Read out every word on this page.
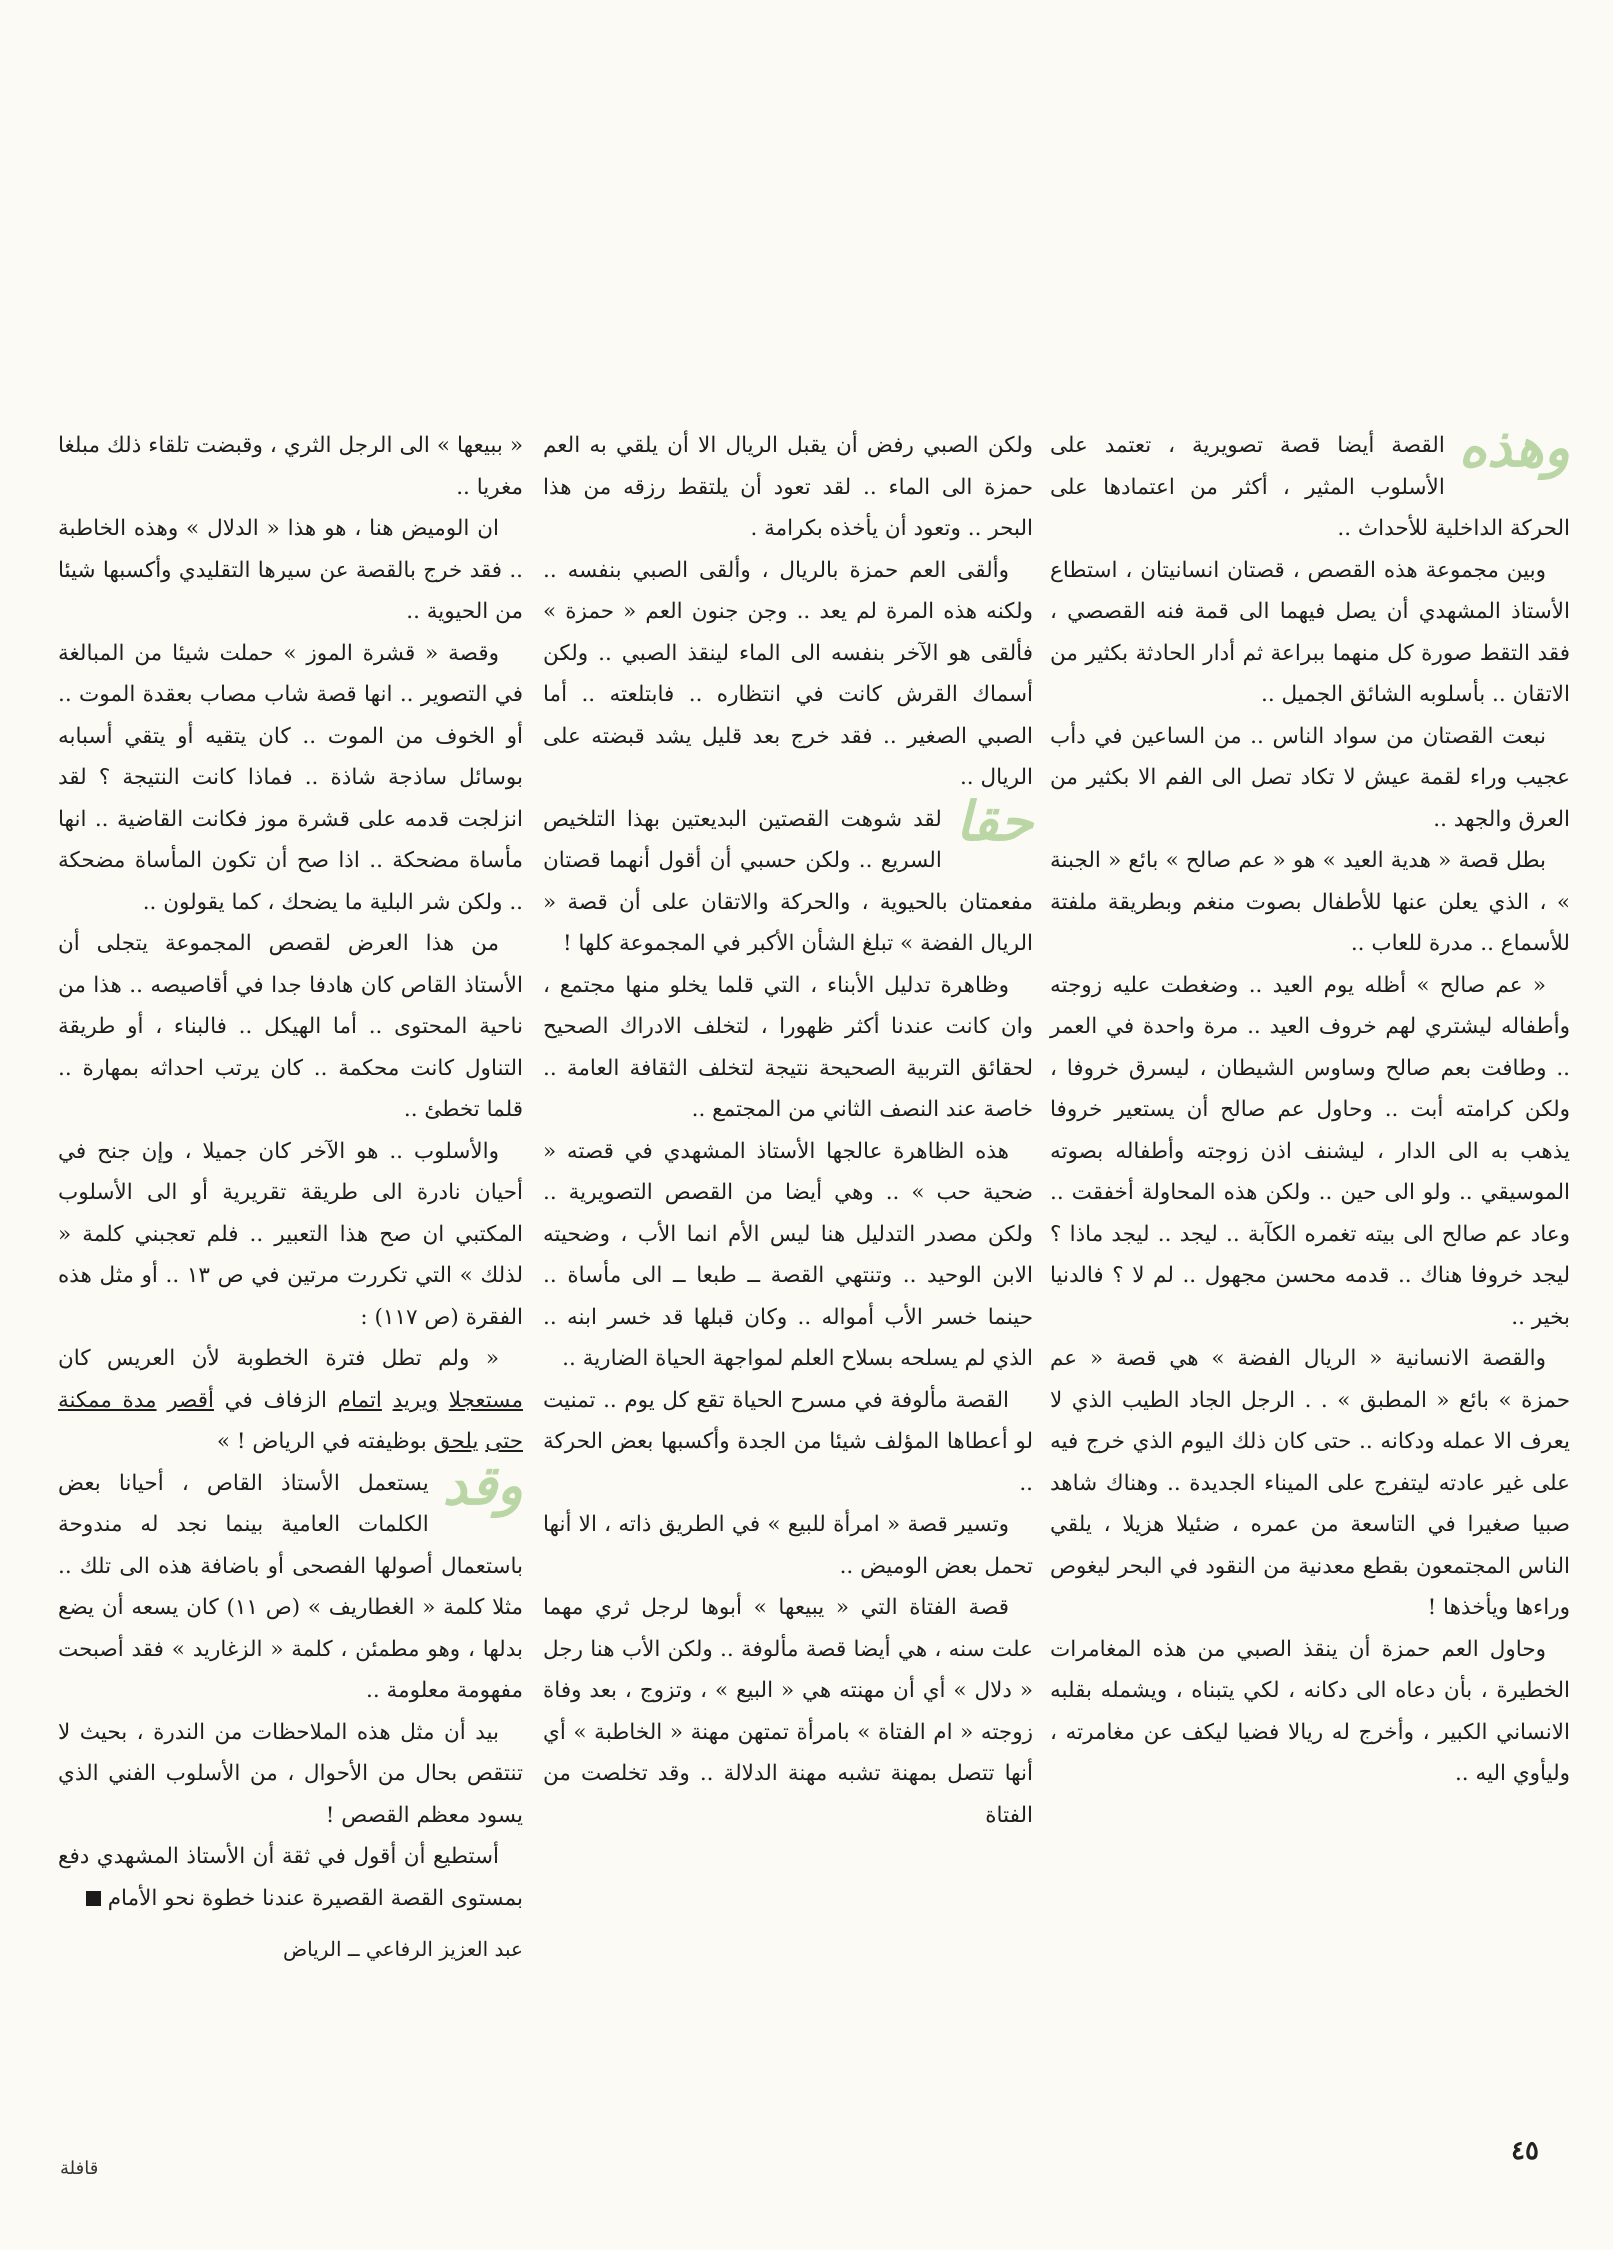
وهذه

القصة أيضا قصة تصويرية ، تعتمد على الأسلوب المثير ، أكثر من اعتمادها على الحركة الداخلية للأحداث ..

وبين مجموعة هذه القصص ، قصتان انسانيتان ، استطاع الأستاذ المشهدي أن يصل فيهما الى قمة فنه القصصي ، فقد التقط صورة كل منهما ببراعة ثم أدار الحادثة بكثير من الاتقان .. بأسلوبه الشائق الجميل ..

نبعت القصتان من سواد الناس .. من الساعين في دأب عجيب وراء لقمة عيش لا تكاد تصل الى الفم الا بكثير من العرق والجهد ..

بطل قصة « هدية العيد » هو « عم صالح » بائع « الجبنة » ، الذي يعلن عنها للأطفال بصوت منغم وبطريقة ملفتة للأسماع .. مدرة للعاب ..

« عم صالح » أظله يوم العيد .. وضغطت عليه زوجته وأطفاله ليشتري لهم خروف العيد .. مرة واحدة في العمر .. وطافت بعم صالح وساوس الشيطان ، ليسرق خروفا ، ولكن كرامته أبت .. وحاول عم صالح أن يستعير خروفا يذهب به الى الدار ، ليشنف اذن زوجته وأطفاله بصوته الموسيقي .. ولو الى حين .. ولكن هذه المحاولة أخفقت .. وعاد عم صالح الى بيته تغمره الكآبة .. ليجد .. ليجد ماذا ؟ ليجد خروفا هناك .. قدمه محسن مجهول .. لم لا ؟ فالدنيا بخير ..

والقصة الانسانية « الريال الفضة » هي قصة « عم حمزة » بائع « المطبق » . . الرجل الجاد الطيب الذي لا يعرف الا عمله ودكانه .. حتى كان ذلك اليوم الذي خرج فيه على غير عادته ليتفرج على الميناء الجديدة .. وهناك شاهد صبيا صغيرا في التاسعة من عمره ، ضئيلا هزيلا ، يلقي الناس المجتمعون بقطع معدنية من النقود في البحر ليغوص وراءها ويأخذها !

وحاول العم حمزة أن ينقذ الصبي من هذه المغامرات الخطيرة ، بأن دعاه الى دكانه ، لكي يتبناه ، ويشمله بقلبه الانساني الكبير ، وأخرج له ريالا فضيا ليكف عن مغامرته ، وليأوي اليه ..

ولكن الصبي رفض أن يقبل الريال الا أن يلقي به العم حمزة الى الماء .. لقد تعود أن يلتقط رزقه من هذا البحر .. وتعود أن يأخذه بكرامة .

وألقى العم حمزة بالريال ، وألقى الصبي بنفسه .. ولكنه هذه المرة لم يعد .. وجن جنون العم « حمزة » فألقى هو الآخر بنفسه الى الماء لينقذ الصبي .. ولكن أسماك القرش كانت في انتظاره .. فابتلعته .. أما الصبي الصغير .. فقد خرج بعد قليل يشد قبضته على الريال ..

حقا

لقد شوهت القصتين البديعتين بهذا التلخيص السريع .. ولكن حسبي أن أقول أنهما قصتان مفعمتان بالحيوية ، والحركة والاتقان على أن قصة « الريال الفضة » تبلغ الشأن الأكبر في المجموعة كلها !

وظاهرة تدليل الأبناء ، التي قلما يخلو منها مجتمع ، وان كانت عندنا أكثر ظهورا ، لتخلف الادراك الصحيح لحقائق التربية الصحيحة نتيجة لتخلف الثقافة العامة .. خاصة عند النصف الثاني من المجتمع ..

هذه الظاهرة عالجها الأستاذ المشهدي في قصته « ضحية حب » .. وهي أيضا من القصص التصويرية .. ولكن مصدر التدليل هنا ليس الأم انما الأب ، وضحيته الابن الوحيد .. وتنتهي القصة ــ طبعا ــ الى مأساة .. حينما خسر الأب أمواله .. وكان قبلها قد خسر ابنه .. الذي لم يسلحه بسلاح العلم لمواجهة الحياة الضارية ..

القصة مألوفة في مسرح الحياة تقع كل يوم .. تمنيت لو أعطاها المؤلف شيئا من الجدة وأكسبها بعض الحركة ..

وتسير قصة « امرأة للبيع » في الطريق ذاته ، الا أنها تحمل بعض الوميض ..

قصة الفتاة التي « يبيعها » أبوها لرجل ثري مهما علت سنه ، هي أيضا قصة مألوفة .. ولكن الأب هنا رجل « دلال » أي أن مهنته هي « البيع » ، وتزوج ، بعد وفاة زوجته « ام الفتاة » بامرأة تمتهن مهنة « الخاطبة » أي أنها تتصل بمهنة تشبه مهنة الدلالة .. وقد تخلصت من الفتاة

« ببيعها » الى الرجل الثري ، وقبضت تلقاء ذلك مبلغا مغريا ..

ان الوميض هنا ، هو هذا « الدلال » وهذه الخاطبة .. فقد خرج بالقصة عن سيرها التقليدي وأكسبها شيئا من الحيوية ..

وقصة « قشرة الموز » حملت شيئا من المبالغة في التصوير .. انها قصة شاب مصاب بعقدة الموت .. أو الخوف من الموت .. كان يتقيه أو يتقي أسبابه بوسائل ساذجة شاذة .. فماذا كانت النتيجة ؟ لقد انزلجت قدمه على قشرة موز فكانت القاضية .. انها مأساة مضحكة .. اذا صح أن تكون المأساة مضحكة .. ولكن شر البلية ما يضحك ، كما يقولون ..

من هذا العرض لقصص المجموعة يتجلى أن الأستاذ القاص كان هادفا جدا في أقاصيصه .. هذا من ناحية المحتوى .. أما الهيكل .. فالبناء ، أو طريقة التناول كانت محكمة .. كان يرتب احداثه بمهارة .. قلما تخطئ ..

والأسلوب .. هو الآخر كان جميلا ، وإن جنح في أحيان نادرة الى طريقة تقريرية أو الى الأسلوب المكتبي ان صح هذا التعبير .. فلم تعجبني كلمة « لذلك » التي تكررت مرتين في ص ١٣ .. أو مثل هذه الفقرة (ص ١١٧) :

« ولم تطل فترة الخطوبة لأن العريس كان مستعجلا ويريد اتمام الزفاف في أقصر مدة ممكنة حتى يلحق بوظيفته في الرياض ! »

وقد

يستعمل الأستاذ القاص ، أحيانا بعض الكلمات العامية بينما نجد له مندوحة باستعمال أصولها الفصحى أو باضافة هذه الى تلك .. مثلا كلمة « الغطاريف » (ص ١١) كان يسعه أن يضع بدلها ، وهو مطمئن ، كلمة « الزغاريد » فقد أصبحت مفهومة معلومة ..

بيد أن مثل هذه الملاحظات من الندرة ، بحيث لا تنتقص بحال من الأحوال ، من الأسلوب الفني الذي يسود معظم القصص !

أستطيع أن أقول في ثقة أن الأستاذ المشهدي دفع بمستوى القصة القصيرة عندنا خطوة نحو الأمام

عبد العزيز الرفاعي ــ الرياض

٤٥
قافلة
